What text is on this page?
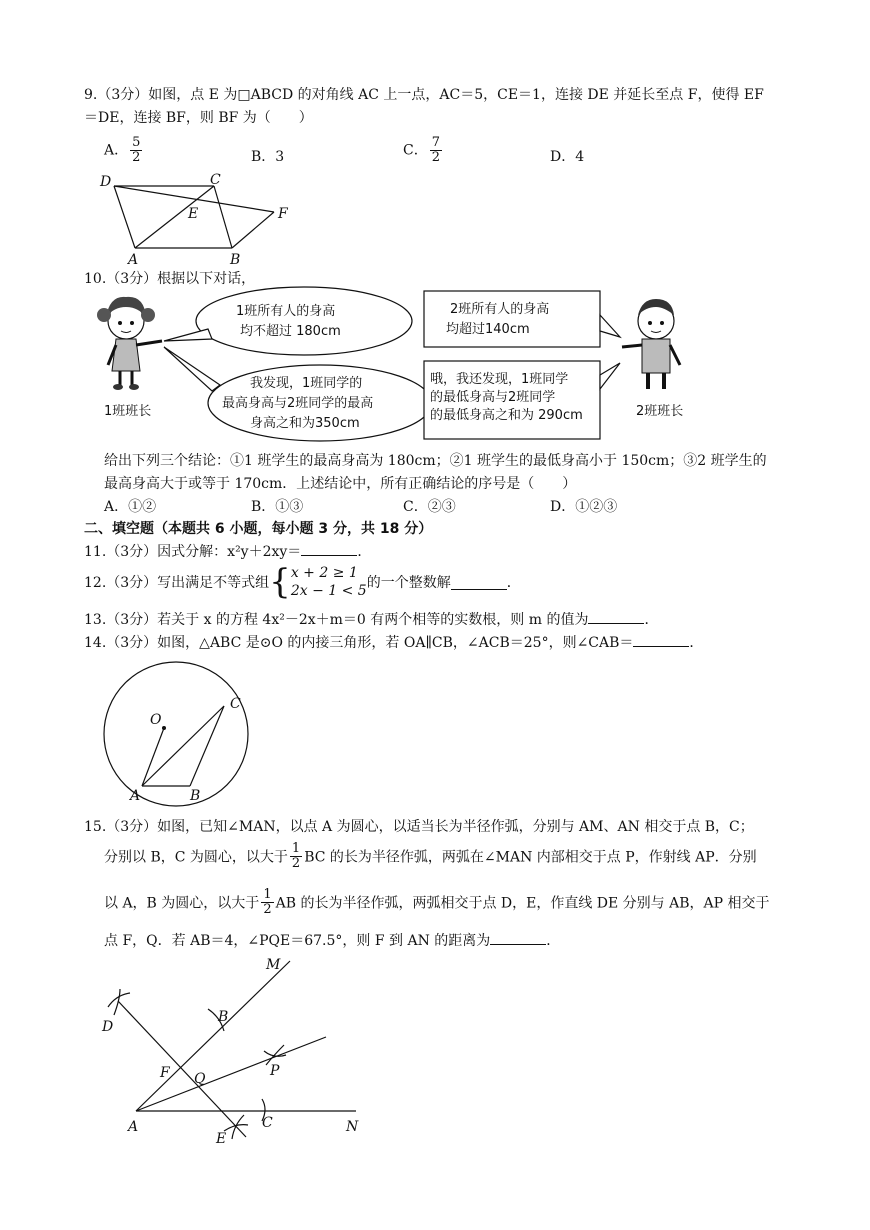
9.（3分）如图，点 E 为□ABCD 的对角线 AC 上一点，AC＝5，CE＝1，连接 DE 并延长至点 F，使得 EF
＝DE，连接 BF，则 BF 为（　　）
A． $\frac{5}{2}$	B．3	C． $\frac{7}{2}$	D．4
D	C
E	F
A	B
10.（3分）根据以下对话，
1班班长
1班所有人的身高
均不超过 180cm
我发现，1班同学的
最高身高与2班同学的最高
身高之和为350cm
2班所有人的身高
均超过140cm
哦，我还发现，1班同学
的最低身高与2班同学
的最低身高之和为 290cm	2班班长
给出下列三个结论：①1 班学生的最高身高为 180cm；②1 班学生的最低身高小于 150cm；③2 班学生的
最高身高大于或等于 170cm．上述结论中，所有正确结论的序号是（　　）
A．①②	B．①③	C．②③	D．①②③
二、填空题（本题共 6 小题，每小题 3 分，共 18 分）
11.（3分）因式分解：x²y＋2xy＝	．
12.（3分）写出满足不等式组{ x + 2 ≥ 1
2x − 1 < 5 的一个整数解	．
13.（3分）若关于 x 的方程 4x²－2x＋m＝0 有两个相等的实数根，则 m 的值为	．
14.（3分）如图，△ABC 是⊙O 的内接三角形，若 OA∥CB，∠ACB＝25°，则∠CAB＝	．
O
C
A	B
15.（3分）如图，已知∠MAN，以点 A 为圆心，以适当长为半径作弧，分别与 AM、AN 相交于点 B，C；
分别以 B，C 为圆心，以大于 $\frac{1}{2}$ BC 的长为半径作弧，两弧在∠MAN 内部相交于点 P，作射线 AP．分别
以 A，B 为圆心，以大于 $\frac{1}{2}$ AB 的长为半径作弧，两弧相交于点 D，E，作直线 DE 分别与 AB，AP 相交于
点 F，Q．若 AB＝4，∠PQE＝67.5°，则 F 到 AN 的距离为	．
M
B
D
F Q	P
A
E
C	N
